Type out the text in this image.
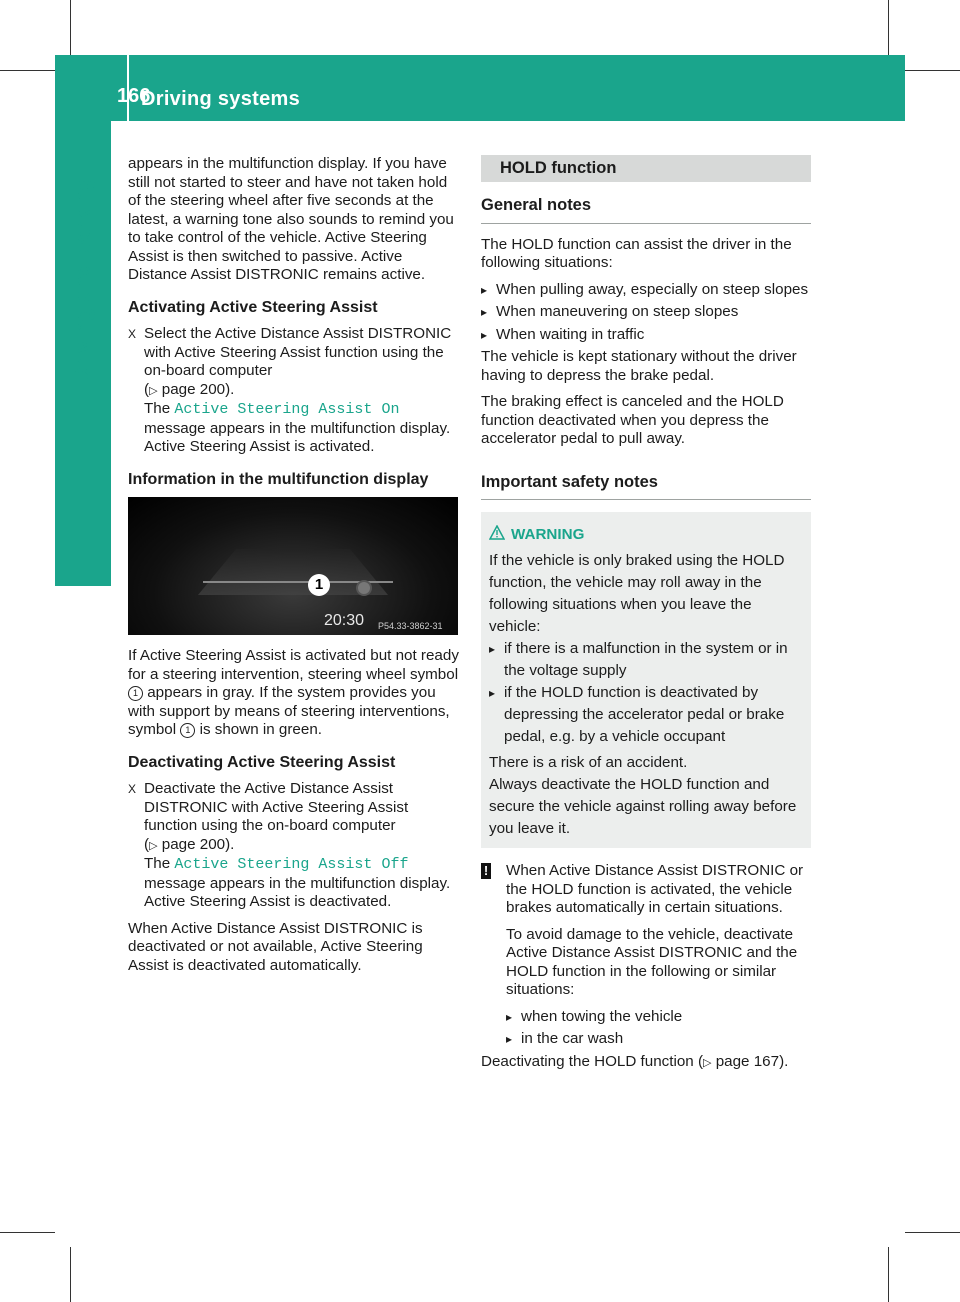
166
Driving systems
Driving and parking

appears in the multifunction display. If you have still not started to steer and have not taken hold of the steering wheel after five seconds at the latest, a warning tone also sounds to remind you to take control of the vehicle. Active Steering Assist is then switched to passive. Active Distance Assist DISTRONIC remains active.

Activating Active Steering Assist
X Select the Active Distance Assist DISTRONIC with Active Steering Assist function using the on-board computer
(▷ page 200).
The Active Steering Assist On message appears in the multifunction display.
Active Steering Assist is activated.
Information in the multifunction display
1
20:30 P54.33-3862-31

If Active Steering Assist is activated but not ready for a steering intervention, steering wheel symbol 1 appears in gray. If the system provides you with support by means of steering interventions, symbol 1 is shown in green.

Deactivating Active Steering Assist
X Deactivate the Active Distance Assist DISTRONIC with Active Steering Assist function using the on-board computer
(▷ page 200).
The Active Steering Assist Off message appears in the multifunction display.
Active Steering Assist is deactivated.

When Active Distance Assist DISTRONIC is deactivated or not available, Active Steering Assist is deactivated automatically.

HOLD function
General notes

The HOLD function can assist the driver in the following situations:

▸ When pulling away, especially on steep slopes
▸ When maneuvering on steep slopes
▸ When waiting in traffic

The vehicle is kept stationary without the driver having to depress the brake pedal.

The braking effect is canceled and the HOLD function deactivated when you depress the accelerator pedal to pull away.

Important safety notes
WARNING

If the vehicle is only braked using the HOLD function, the vehicle may roll away in the following situations when you leave the vehicle:

▸ if there is a malfunction in the system or in the voltage supply
▸ if the HOLD function is deactivated by depressing the accelerator pedal or brake pedal, e.g. by a vehicle occupant

There is a risk of an accident.

Always deactivate the HOLD function and secure the vehicle against rolling away before you leave it.

! When Active Distance Assist DISTRONIC or the HOLD function is activated, the vehicle brakes automatically in certain situations.

To avoid damage to the vehicle, deactivate Active Distance Assist DISTRONIC and the HOLD function in the following or similar situations:

▸ when towing the vehicle
▸ in the car wash

Deactivating the HOLD function (▷ page 167).
